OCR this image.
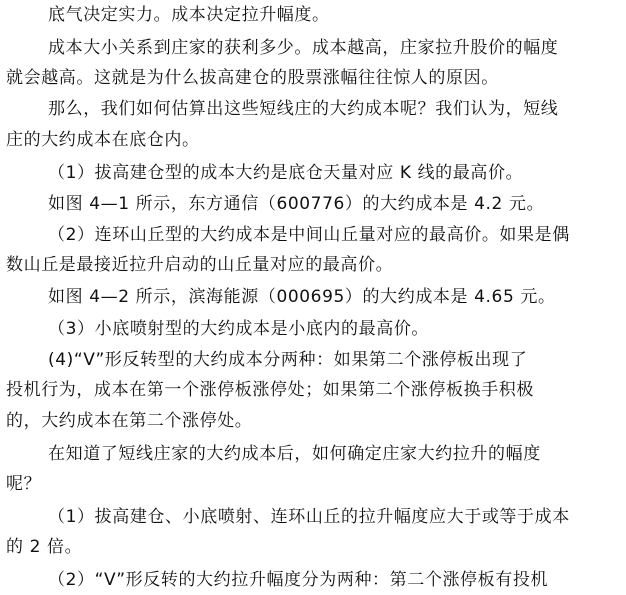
底气决定实力。成本决定拉升幅度。
成本大小关系到庄家的获利多少。成本越高，庄家拉升股价的幅度
就会越高。这就是为什么拔高建仓的股票涨幅往往惊人的原因。
那么，我们如何估算出这些短线庄的大约成本呢？我们认为，短线
庄的大约成本在底仓内。
（1）拔高建仓型的成本大约是底仓天量对应 K 线的最高价。
如图 4—1 所示，东方通信（600776）的大约成本是 4.2 元。
（2）连环山丘型的大约成本是中间山丘量对应的最高价。如果是偶
数山丘是最接近拉升启动的山丘量对应的最高价。
如图 4—2 所示，滨海能源（000695）的大约成本是 4.65 元。
（3）小底喷射型的大约成本是小底内的最高价。
(4)“V”形反转型的大约成本分两种：如果第二个涨停板出现了
投机行为，成本在第一个涨停板涨停处；如果第二个涨停板换手积极
的，大约成本在第二个涨停处。
在知道了短线庄家的大约成本后，如何确定庄家大约拉升的幅度
呢？
（1）拔高建仓、小底喷射、连环山丘的拉升幅度应大于或等于成本
的 2 倍。
（2）“V”形反转的大约拉升幅度分为两种：第二个涨停板有投机
